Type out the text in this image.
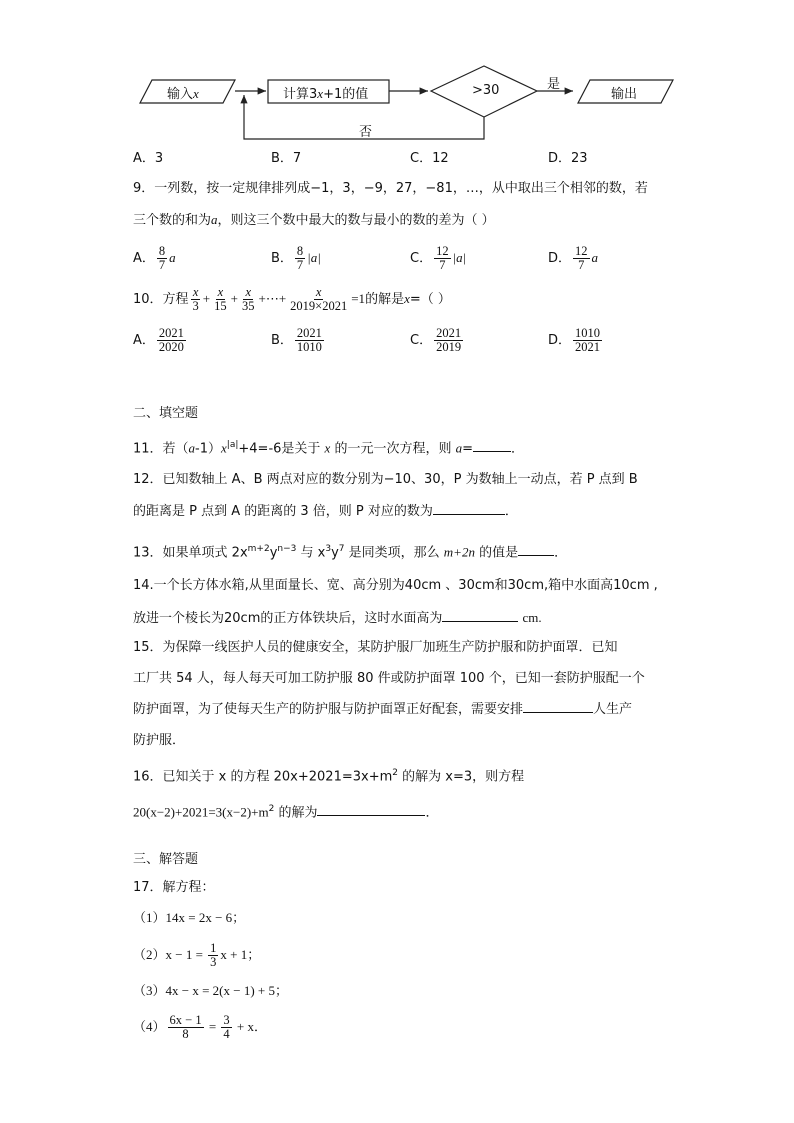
输入x	计算3x+1的值	>30	是
输出
否
A．3	B．7	C．12	D．23
9．一列数，按一定规律排列成−1，3，−9，27，−81，…，从中取出三个相邻的数，若
三个数的和为a，则这三个数中最大的数与最小的数的差为（ ）
A． $\frac{8}{7}$ a	B． $\frac{8}{7} |a|$	C． $\frac{12}{7} |a|$	D． $\frac{12}{7}$ a
10．方程 $\frac{x}{3} + \frac{x}{15} + \frac{x}{35}$ +⋯+ $\frac{x}{2019\times 2021} =1$的解是x=（ ）
A． $\frac{2021}{2020}$	B． $\frac{2021}{1010}$	C． $\frac{2021}{2019}$	D． $\frac{1010}{2021}$
二、填空题
11．若$(a-1)x^{|a|}+4=-6$是关于 x 的一元一次方程，则 a=	．
12．已知数轴上 A、B 两点对应的数分别为−10、30，P 为数轴上一动点，若 P 点到 B
的距离是 P 点到 A 的距离的 3 倍，则 P 对应的数为	．
13．如果单项式 $2x^{m+2}y^{n-3}$ 与 $x^3y^7$ 是同类项，那么 m+2n 的值是	．
14.一个长方体水箱,从里面量长、宽、高分别为40cm 、30cm和30cm,箱中水面高10cm ,
放进一个棱长为20cm的正方体铁块后，这时水面高为	cm.
15．为保障一线医护人员的健康安全，某防护服厂加班生产防护服和防护面罩．已知
工厂共 54 人，每人每天可加工防护服 80 件或防护面罩 100 个，已知一套防护服配一个
防护面罩，为了使每天生产的防护服与防护面罩正好配套，需要安排	人生产
防护服．
16．已知关于 x 的方程 $20x+2021=3x+m^2$ 的解为 x=3，则方程
$20(x-2)+2021=3(x-2)+m^2$ 的解为	．
三、解答题
17．解方程：
（1）14x = 2x − 6；
$(2)x - 1 = \frac{1}{3}$ x + 1；
（3）4x − x = 2(x − 1) + 5；
$(4) \frac{6x - 1}{8} = \frac{3}{4} + x$．
